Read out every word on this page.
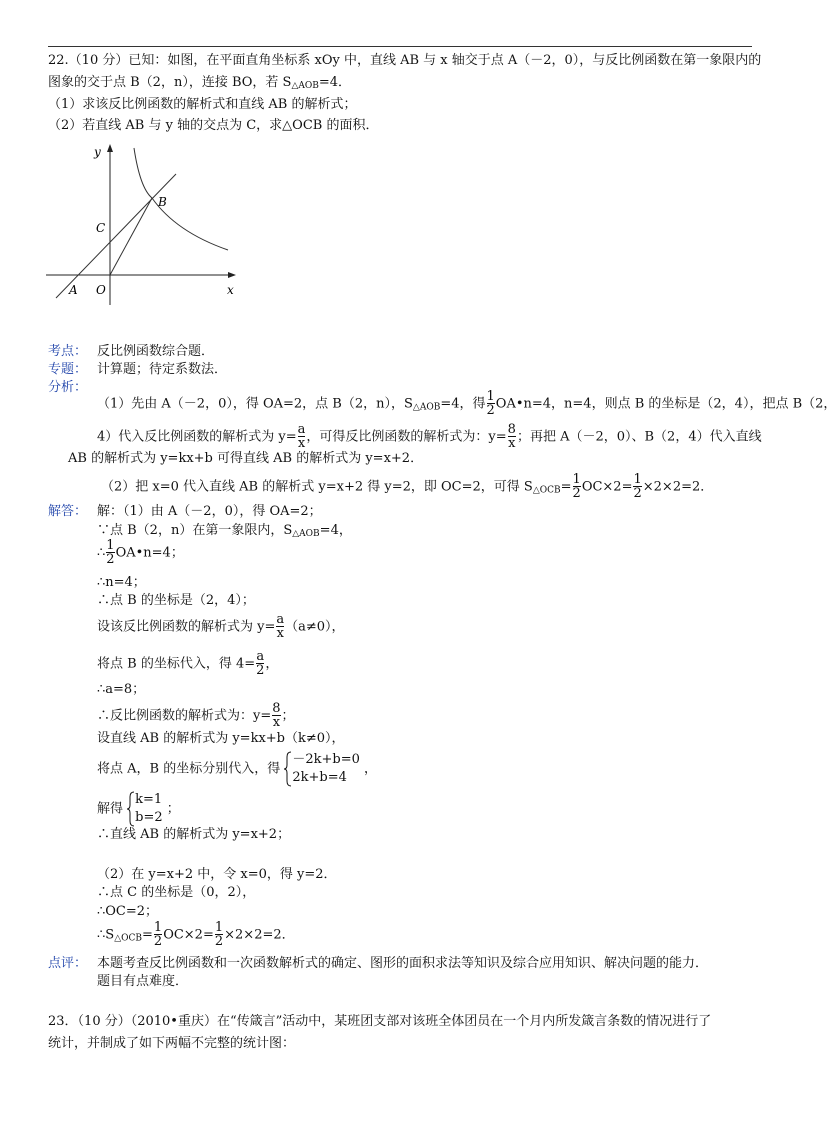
22.（10 分）已知：如图，在平面直角坐标系 xOy 中，直线 AB 与 x 轴交于点 A（－2，0），与反比例函数在第一象限内的
图象的交于点 B（2，n），连接 BO，若 $S_{\triangle AOB}=4$．
（1）求该反比例函数的解析式和直线 AB 的解析式；
（2）若直线 AB 与 y 轴的交点为 C，求△OCB 的面积．
y
x
A O
C
B
考点： 反比例函数综合题．
专题： 计算题；待定系数法．
分析：
（1）先由 A（－2，0），得 OA=2，点 B（2，n），$S_{\triangle AOB}=4$，得 $\frac{1}{2}$ OA•n=4，n=4，则点 B 的坐标是（2，4），把点 B（2，
4）代入反比例函数的解析式为 $y= \frac{a}{x}$ ，可得反比例函数的解析式为：$y= \frac{8}{x}$ ；再把 A（－2，0）、B（2，4）代入直线
AB 的解析式为 y=kx+b 可得直线 AB 的解析式为 y=x+2．
（2）把 x=0 代入直线 AB 的解析式 y=x+2 得 y=2，即 OC=2，可得 $S_{\triangle OCB}= \frac{1}{2} OC\times 2= \frac{1}{2} \times 2\times 2=2$．
解答： 解：（1）由 A（－2，0），得 OA=2；
∵点 B（2，n）在第一象限内，$S_{\triangle AOB}=4$，
∴ $\frac{1}{2}$ OA•n=4；
∴n=4；
∴点 B 的坐标是（2，4）；
设该反比例函数的解析式为 $y= \frac{a}{x} (a\ne 0)$，
将点 B 的坐标代入，得 $4= \frac{a}{2}$ ，
∴a=8；
∴反比例函数的解析式为：$y= \frac{8}{x}$ ；
设直线 AB 的解析式为 y=kx+b（k≠0），
将点 A，B 的坐标分别代入，得
－2k+b=0
2k+b=4
，
解得
k=1
b=2
；
∴直线 AB 的解析式为 y=x+2；
（2）在 y=x+2 中，令 x=0，得 y=2．
∴点 C 的坐标是（0，2），
∴OC=2；
$\therefore S_{\triangle OCB}= \frac{1}{2} OC\times 2= \frac{1}{2} \times 2\times 2=2$．
点评： 本题考查反比例函数和一次函数解析式的确定、图形的面积求法等知识及综合应用知识、解决问题的能力．
题目有点难度．
23．（10 分）（2010•重庆）在“传箴言”活动中，某班团支部对该班全体团员在一个月内所发箴言条数的情况进行了
统计，并制成了如下两幅不完整的统计图：
